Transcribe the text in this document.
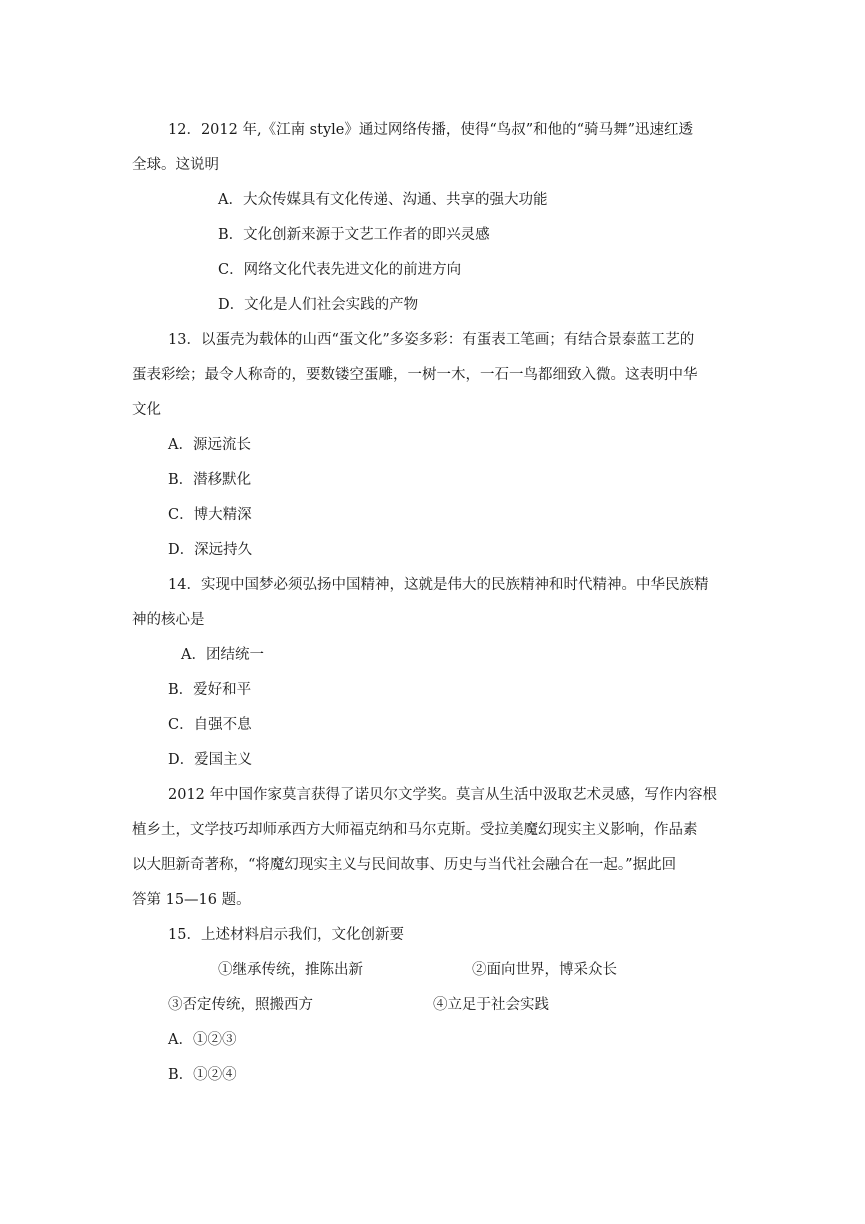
12．2012 年,《江南 style》通过网络传播，使得“鸟叔”和他的“骑马舞”迅速红透
全球。这说明
A．大众传媒具有文化传递、沟通、共享的强大功能
B．文化创新来源于文艺工作者的即兴灵感
C．网络文化代表先进文化的前进方向
D．文化是人们社会实践的产物
13．以蛋壳为载体的山西“蛋文化”多姿多彩：有蛋表工笔画；有结合景泰蓝工艺的
蛋表彩绘；最令人称奇的，要数镂空蛋雕，一树一木，一石一鸟都细致入微。这表明中华
文化
A．源远流长
B．潜移默化
C．博大精深
D．深远持久
14．实现中国梦必须弘扬中国精神，这就是伟大的民族精神和时代精神。中华民族精
神的核心是
A．团结统一
B．爱好和平
C．自强不息
D．爱国主义
2012 年中国作家莫言获得了诺贝尔文学奖。莫言从生活中汲取艺术灵感，写作内容根
植乡土，文学技巧却师承西方大师福克纳和马尔克斯。受拉美魔幻现实主义影响，作品素
以大胆新奇著称，“将魔幻现实主义与民间故事、历史与当代社会融合在一起。”据此回
答第 15—16 题。
15．上述材料启示我们，文化创新要
①继承传统，推陈出新	②面向世界，博采众长
③否定传统，照搬西方	④立足于社会实践
A．①②③
B．①②④
